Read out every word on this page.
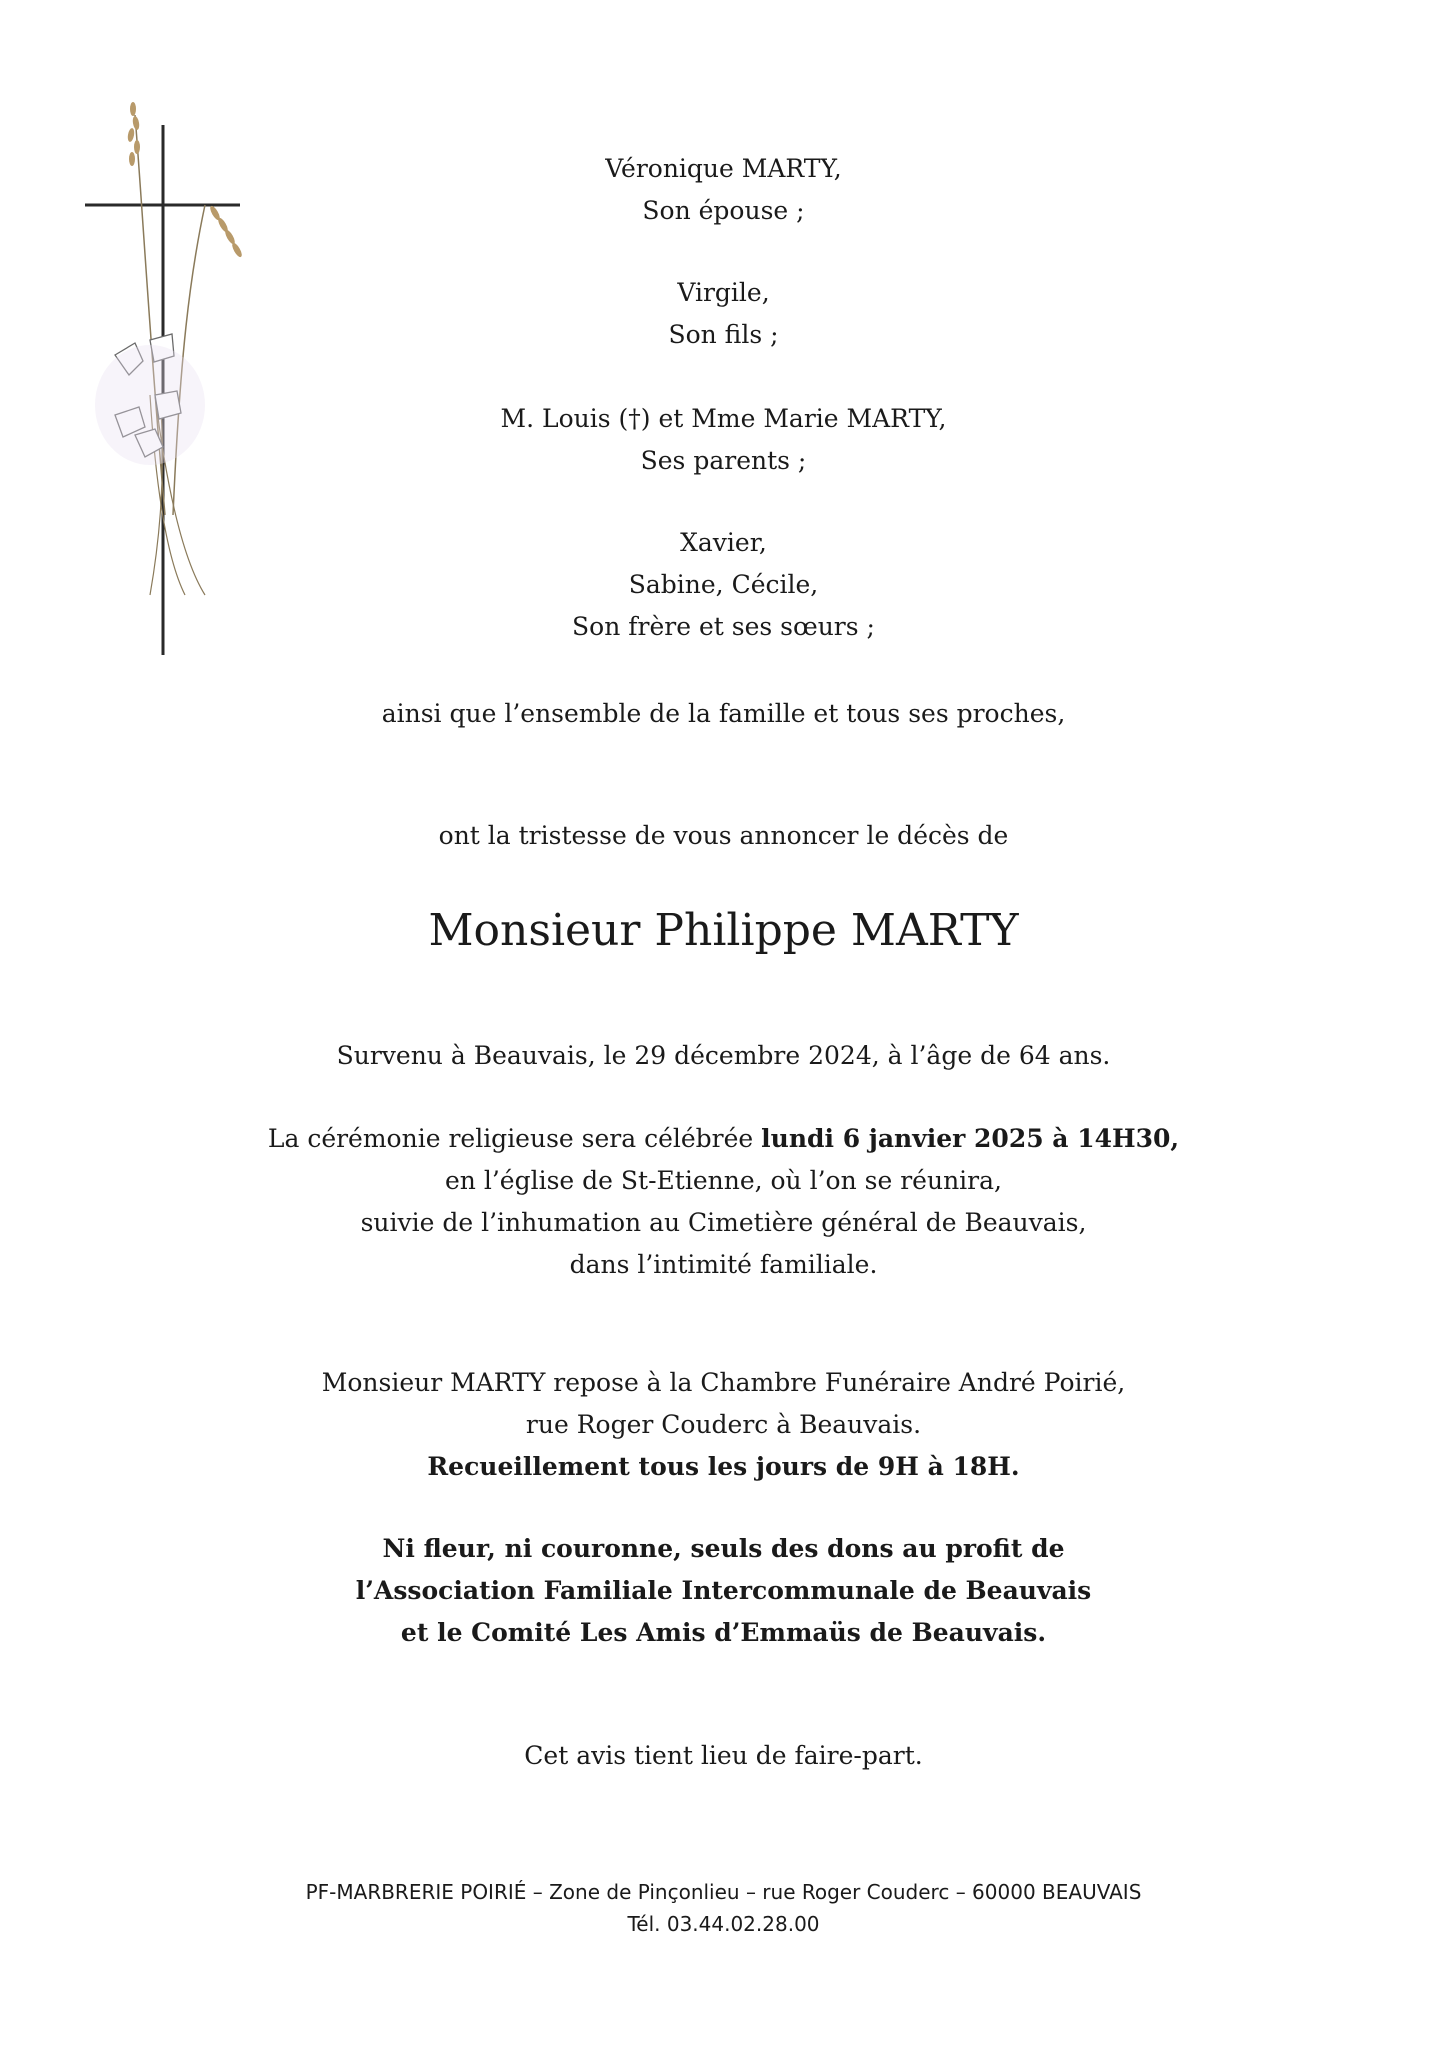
Véronique MARTY,
Son épouse ;
Virgile,
Son fils ;
M. Louis (†) et Mme Marie MARTY,
Ses parents ;
Xavier,
Sabine, Cécile,
Son frère et ses sœurs ;
ainsi que l’ensemble de la famille et tous ses proches,
ont la tristesse de vous annoncer le décès de
Monsieur Philippe MARTY
Survenu à Beauvais, le 29 décembre 2024, à l’âge de 64 ans.
La cérémonie religieuse sera célébrée lundi 6 janvier 2025 à 14H30,
en l’église de St-Etienne, où l’on se réunira,
suivie de l’inhumation au Cimetière général de Beauvais,
dans l’intimité familiale.
Monsieur MARTY repose à la Chambre Funéraire André Poirié,
rue Roger Couderc à Beauvais.
Recueillement tous les jours de 9H à 18H.
Ni fleur, ni couronne, seuls des dons au profit de
l’Association Familiale Intercommunale de Beauvais
et le Comité Les Amis d’Emmaüs de Beauvais.
Cet avis tient lieu de faire-part.
PF-MARBRERIE POIRIÉ – Zone de Pinçonlieu – rue Roger Couderc – 60000 BEAUVAIS
Tél. 03.44.02.28.00
